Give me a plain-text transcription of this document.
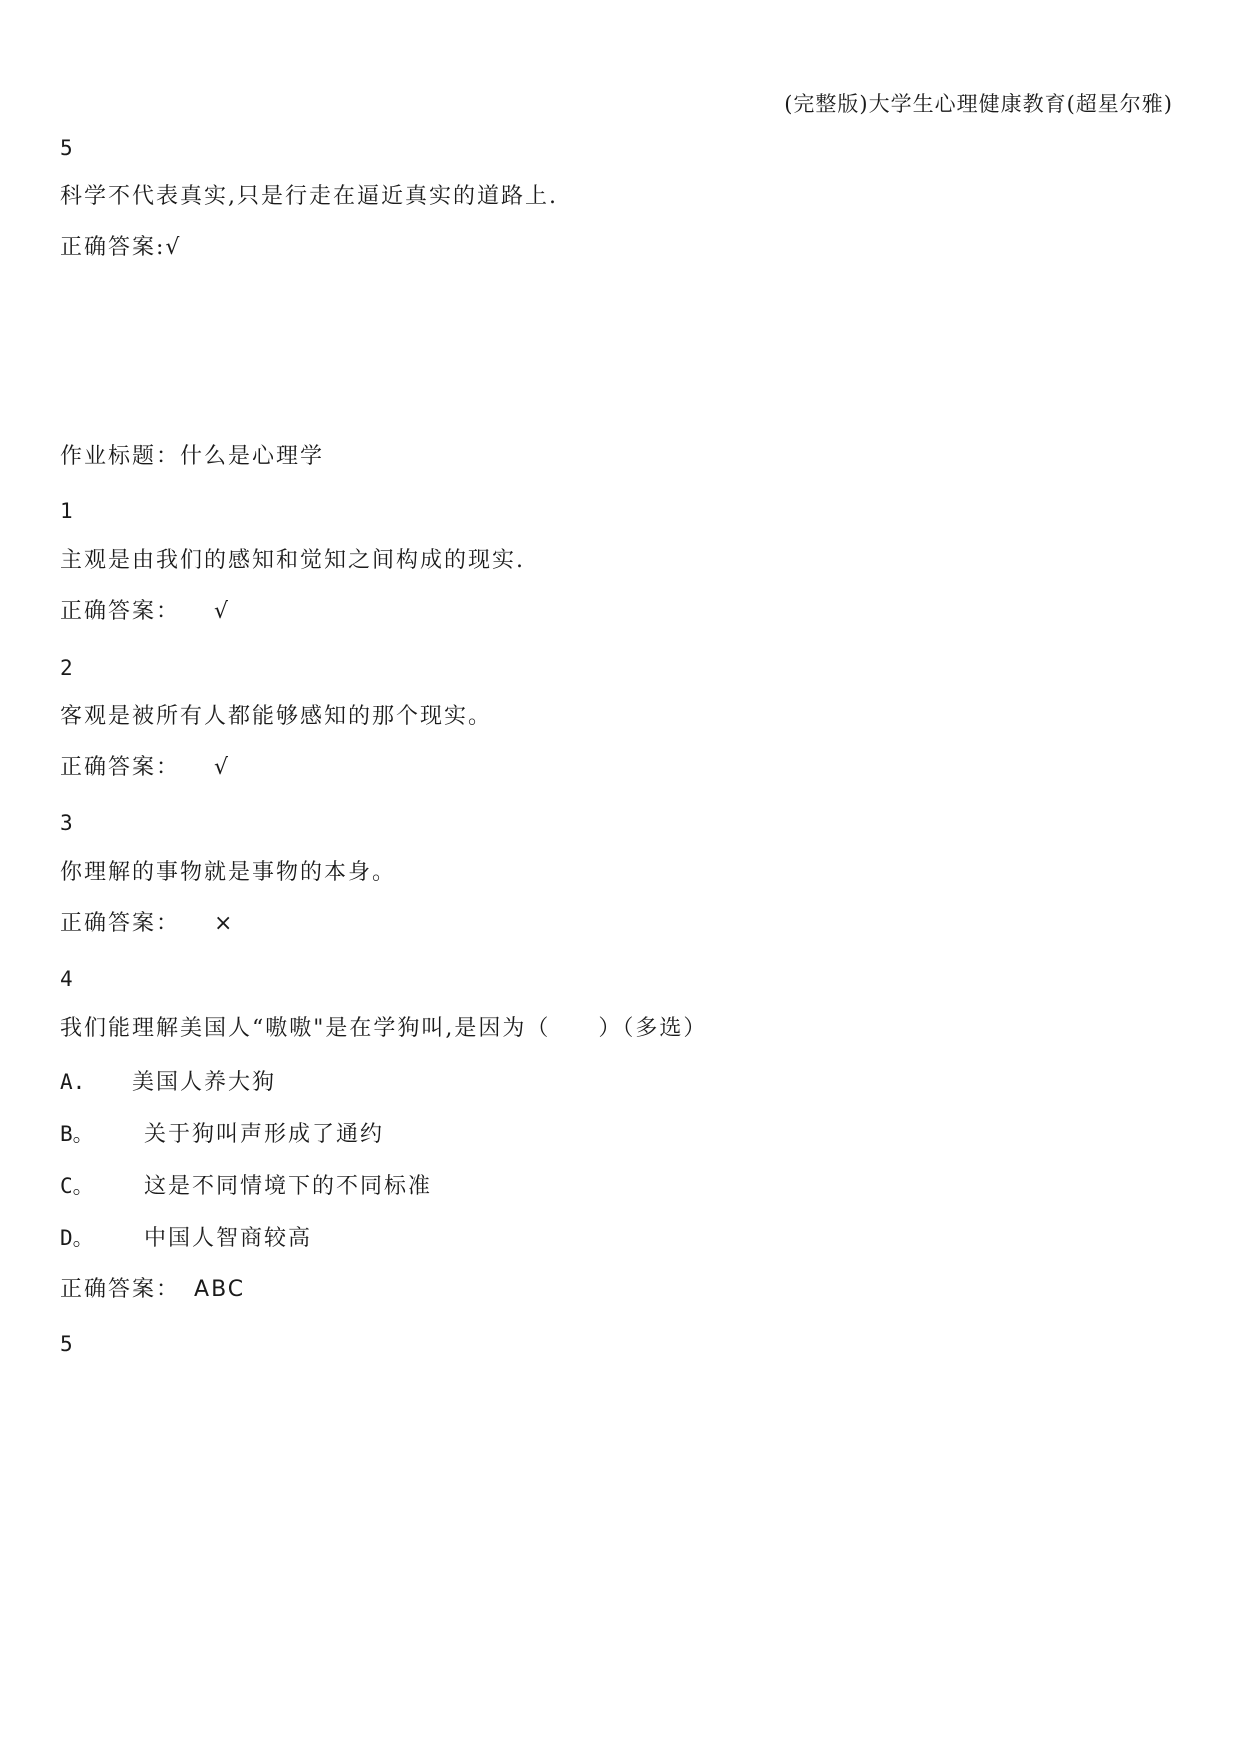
(完整版)大学生心理健康教育(超星尔雅)
5
科学不代表真实,只是行走在逼近真实的道路上.
正确答案:√
作业标题：什么是心理学
1
主观是由我们的感知和觉知之间构成的现实.
正确答案： √
2
客观是被所有人都能够感知的那个现实。
正确答案： √
3
你理解的事物就是事物的本身。
正确答案： ×
4
我们能理解美国人“嗷嗷"是在学狗叫,是因为（　　）（多选）
A. 美国人养大狗
B。 关于狗叫声形成了通约
C。 这是不同情境下的不同标准
D。 中国人智商较高
正确答案： ABC
5
